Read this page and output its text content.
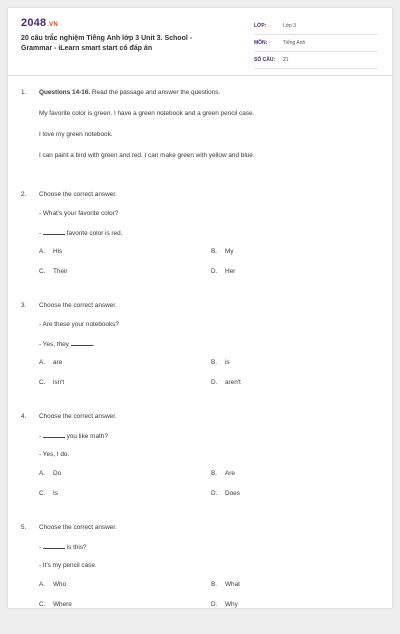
2048.VN
20 câu trắc nghiệm Tiếng Anh lớp 3 Unit 3. School - Grammar - iLearn smart start có đáp án
LỚP:	Lớp 3
MÔN:	Tiếng Anh
SỐ CÂU:	21
1. Questions 14-16. Read the passage and answer the questions.
My favorite color is green. I have a green notebook and a green pencil case.
I love my green notebook.
I can paint a bird with green and red. I can make green with yellow and blue.
2. Choose the correct answer.
- What's your favorite color?
-	favorite color is red.
A. His	B. My
C. Their	D. Her
3. Choose the correct answer.
- Are these your notebooks?
- Yes, they	.
A. are	B. is
C. isn't	D. aren't
4. Choose the correct answer.
-	you like math?
- Yes, I do.
A. Do	B. Are
C. Is	D. Does
5. Choose the correct answer.
-	is this?
- It's my pencil case.
A. Who	B. What
C. Where	D. Why
